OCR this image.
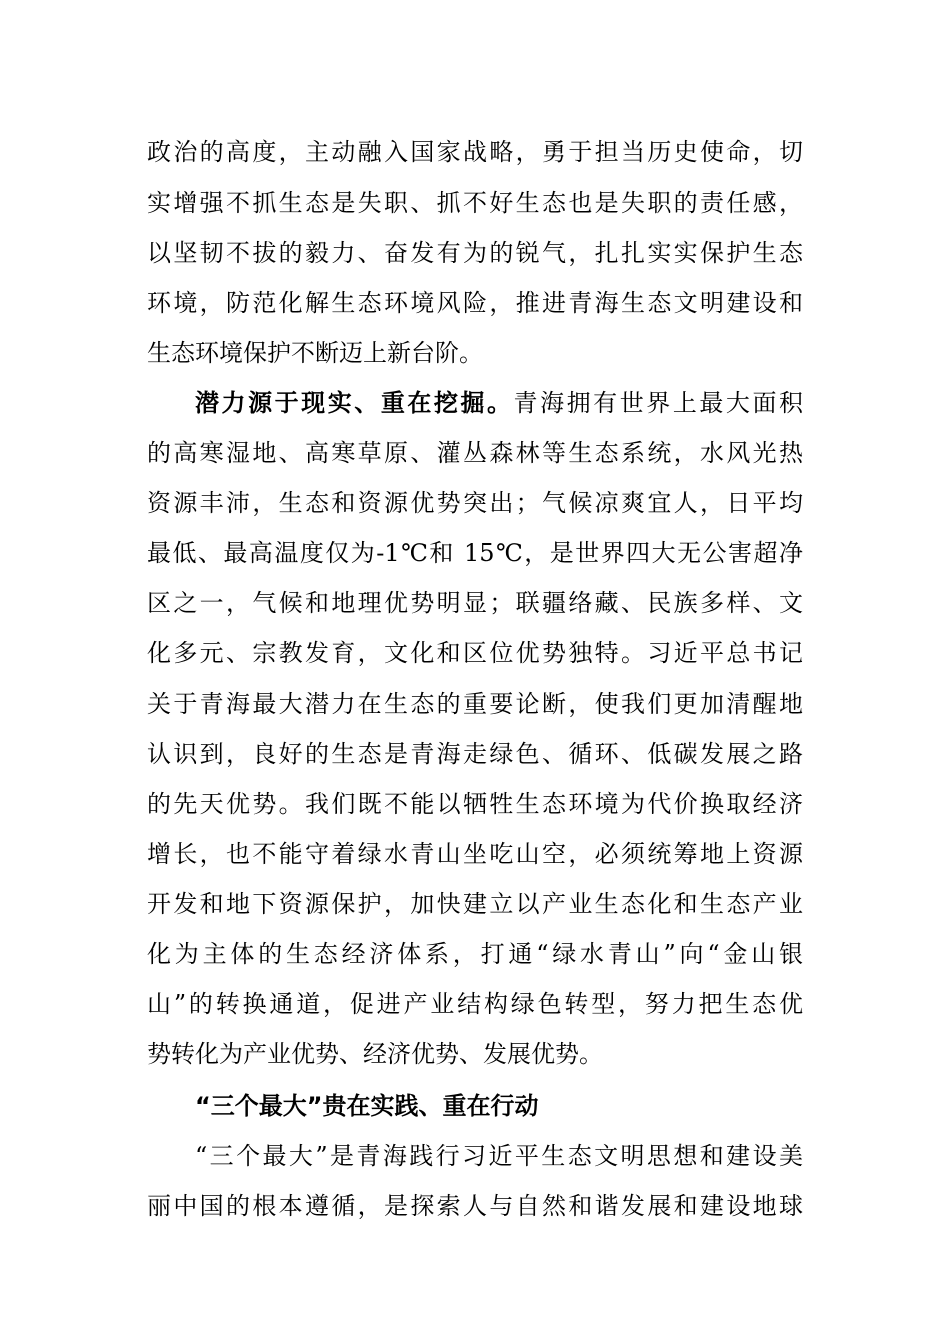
政治的高度，主动融入国家战略，勇于担当历史使命，切
实增强不抓生态是失职、抓不好生态也是失职的责任感，
以坚韧不拔的毅力、奋发有为的锐气，扎扎实实保护生态
环境，防范化解生态环境风险，推进青海生态文明建设和
生态环境保护不断迈上新台阶。
潜力源于现实、重在挖掘。青海拥有世界上最大面积
的高寒湿地、高寒草原、灌丛森林等生态系统，水风光热
资源丰沛，生态和资源优势突出；气候凉爽宜人，日平均
最低、最高温度仅为-1℃和 15℃，是世界四大无公害超净
区之一，气候和地理优势明显；联疆络藏、民族多样、文
化多元、宗教发育，文化和区位优势独特。习近平总书记
关于青海最大潜力在生态的重要论断，使我们更加清醒地
认识到，良好的生态是青海走绿色、循环、低碳发展之路
的先天优势。我们既不能以牺牲生态环境为代价换取经济
增长，也不能守着绿水青山坐吃山空，必须统筹地上资源
开发和地下资源保护，加快建立以产业生态化和生态产业
化为主体的生态经济体系，打通“绿水青山”向“金山银
山”的转换通道，促进产业结构绿色转型，努力把生态优
势转化为产业优势、经济优势、发展优势。
“三个最大”贵在实践、重在行动
“三个最大”是青海践行习近平生态文明思想和建设美
丽中国的根本遵循，是探索人与自然和谐发展和建设地球
